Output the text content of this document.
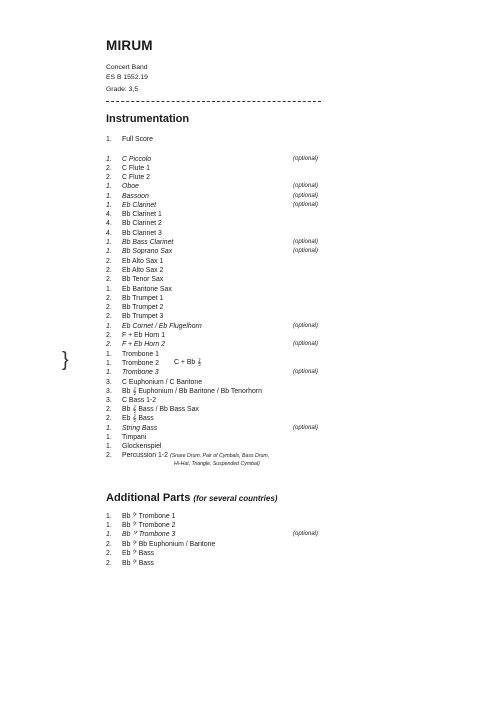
MIRUM
Concert Band
ES B 1552.19
Grade: 3,5
Instrumentation
1.	Full Score
1.	C Piccolo	(optional)
2.	C Flute 1
2.	C Flute 2
1.	Oboe	(optional)
1.	Bassoon	(optional)
1.	Eb Clarinet	(optional)
4.	Bb Clarinet 1
4.	Bb Clarinet 2
4.	Bb Clarinet 3
1.	Bb Bass Clarinet	(optional)
1.	Bb Soprano Sax	(optional)
2.	Eb Alto Sax 1
2.	Eb Alto Sax 2
2.	Bb Tenor Sax
1.	Eb Baritone Sax
2.	Bb Trumpet 1
2.	Bb Trumpet 2
2.	Bb Trumpet 3
1.	Eb Cornet / Eb Flugelhorn	(optional)
2.	F + Eb Horn 1
2.	F + Eb Horn 2	(optional)
1.	Trombone 1
1.	Trombone 2
1.	Trombone 3	(optional)
3.	C Euphonium / C Baritone
3.	Bb 𝄞 Euphonium / Bb Baritone / Bb Tenorhorn
3.	C Bass 1-2
2.	Bb 𝄞 Bass / Bb Bass Sax
2.	Eb 𝄞 Bass
1.	String Bass	(optional)
1.	Timpani
1.	Glockenspiel
2.	Percussion 1-2 (Snare Drum, Pair of Cymbals, Bass Drum,
Hi-Hat, Triangle, Suspended Cymbal)
}	C + Bb 𝄞
Additional Parts (for several countries)
1.	Bb 𝄢 Trombone 1
1.	Bb 𝄢 Trombone 2
1.	Bb 𝄢 Trombone 3	(optional)
2.	Bb 𝄢 Bb Euphonium / Baritone
2.	Eb 𝄢 Bass
2.	Bb 𝄢 Bass
